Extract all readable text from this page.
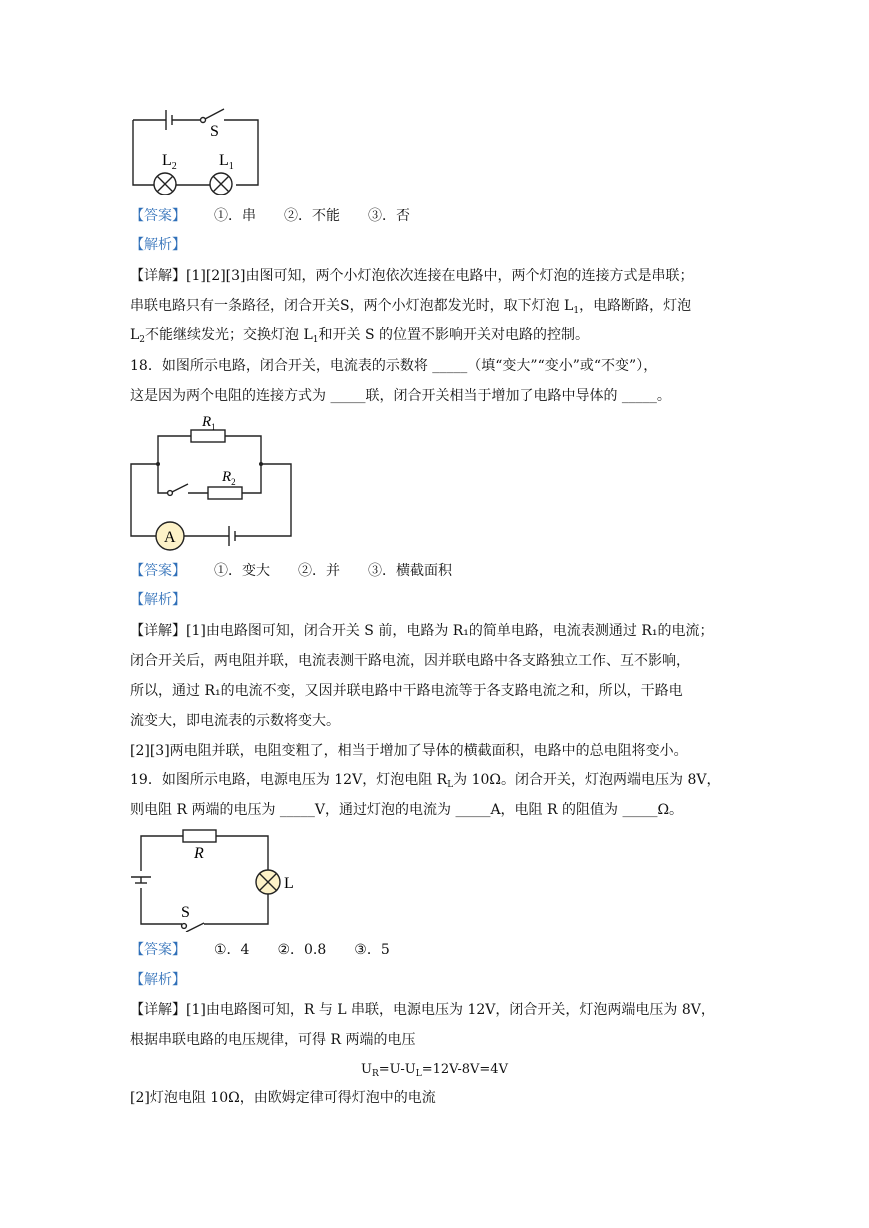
S
$L_2$	$L_1$
【答案】 ①．串 ②．不能 ③．否
【解析】
【详解】[1][2][3]由图可知，两个小灯泡依次连接在电路中，两个灯泡的连接方式是串联；
串联电路只有一条路径，闭合开关S，两个小灯泡都发光时，取下灯泡 $L_1$，电路断路，灯泡
$L_2$不能继续发光；交换灯泡 $L_1$和开关 S 的位置不影响开关对电路的控制。
18．如图所示电路，闭合开关，电流表的示数将 _____（填“变大”“变小”或“不变”），
这是因为两个电阻的连接方式为 _____联，闭合开关相当于增加了电路中导体的 _____。
A
$R_1$
$R_2$
【答案】 ①．变大 ②．并 ③．横截面积
【解析】
【详解】[1]由电路图可知，闭合开关 S 前，电路为 R₁的简单电路，电流表测通过 R₁的电流；
闭合开关后，两电阻并联，电流表测干路电流，因并联电路中各支路独立工作、互不影响，
所以，通过 R₁的电流不变，又因并联电路中干路电流等于各支路电流之和，所以，干路电
流变大，即电流表的示数将变大。
[2][3]两电阻并联，电阻变粗了，相当于增加了导体的横截面积，电路中的总电阻将变小。
19．如图所示电路，电源电压为 12V，灯泡电阻 $R_L$为 10Ω。闭合开关，灯泡两端电压为 8V，
则电阻 R 两端的电压为 _____V，通过灯泡的电流为 _____A，电阻 R 的阻值为 _____Ω。
R
L
S
【答案】 ①．4 ②．0.8 ③．5
【解析】
【详解】[1]由电路图可知，R 与 L 串联，电源电压为 12V，闭合开关，灯泡两端电压为 8V，
根据串联电路的电压规律，可得 R 两端的电压
$U_R=U-U_L=12V-8V=4V$
[2]灯泡电阻 10Ω，由欧姆定律可得灯泡中的电流
